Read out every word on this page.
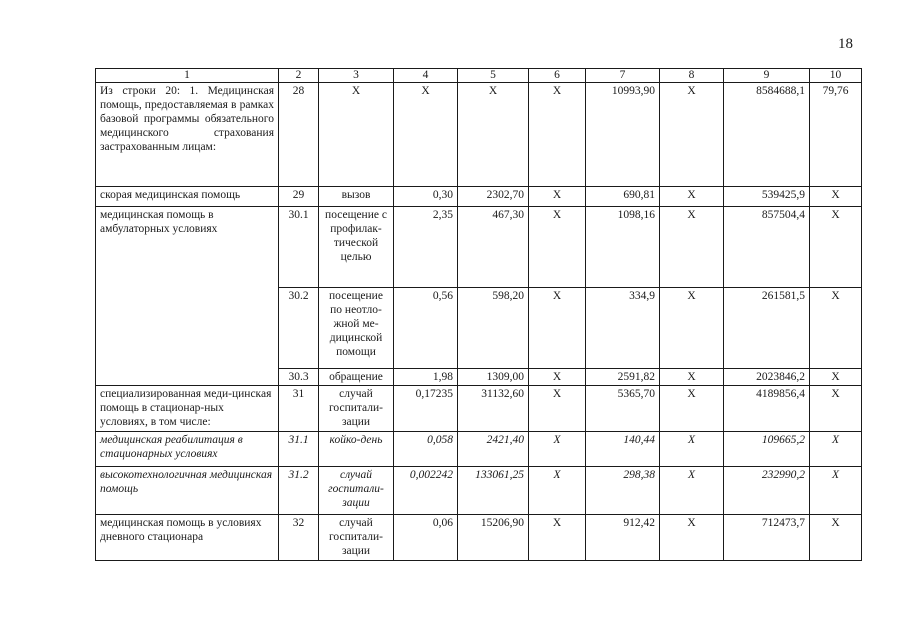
18
1	2	3	4	5	6	7	8	9	10
Из строки 20: 1. Медицинская помощь, предоставляемая в рамках базовой программы обязательного медицинского страхования застрахованным лицам:	28	X	X	X	X	10993,90	X	8584688,1	79,76
скорая медицинская помощь	29	вызов	0,30	2302,70	X	690,81	X	539425,9	X
медицинская помощь в амбулаторных условиях	30.1	посещение с профилак-тической целью	2,35	467,30	X	1098,16	X	857504,4	X
	30.2	посещение по неотло-жной ме-дицинской помощи	0,56	598,20	X	334,9	X	261581,5	X
	30.3	обращение	1,98	1309,00	X	2591,82	X	2023846,2	X
специализированная меди-цинская помощь в стационар-ных условиях, в том числе:	31	случай госпитали-зации	0,17235	31132,60	X	5365,70	X	4189856,4	X
медицинская реабилитация в стационарных условиях	31.1	койко-день	0,058	2421,40	X	140,44	X	109665,2	X
высокотехнологичная медицинская помощь	31.2	случай госпитали-зации	0,002242	133061,25	X	298,38	X	232990,2	X
медицинская помощь в условиях дневного стационара	32	случай госпитали-зации	0,06	15206,90	X	912,42	X	712473,7	X
